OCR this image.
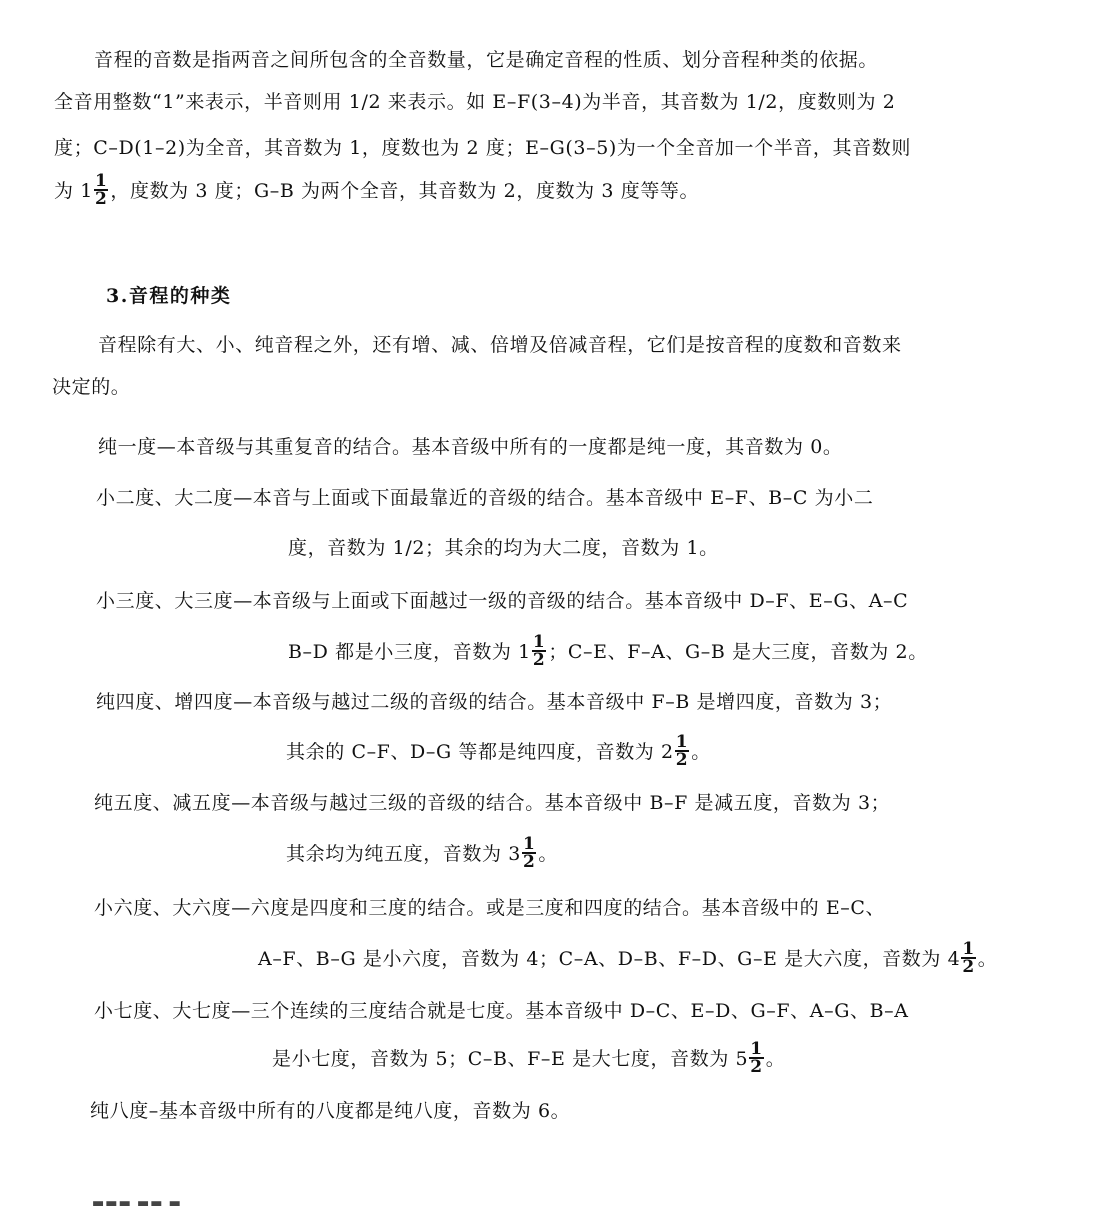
音程的音数是指两音之间所包含的全音数量，它是确定音程的性质、划分音程种类的依据。
全音用整数“1”来表示，半音则用 1/2 来表示。如 E–F(3–4)为半音，其音数为 1/2，度数则为 2
度；C–D(1–2)为全音，其音数为 1，度数也为 2 度；E–G(3–5)为一个全音加一个半音，其音数则
为 $1 \frac{1}{2}$ ，度数为 3 度；G–B 为两个全音，其音数为 2，度数为 3 度等等。
3.音程的种类
音程除有大、小、纯音程之外，还有增、减、倍增及倍减音程，它们是按音程的度数和音数来
决定的。
纯一度—本音级与其重复音的结合。基本音级中所有的一度都是纯一度，其音数为 0。
小二度、大二度—本音与上面或下面最靠近的音级的结合。基本音级中 E–F、B–C 为小二
度，音数为 1/2；其余的均为大二度，音数为 1。
小三度、大三度—本音级与上面或下面越过一级的音级的结合。基本音级中 D–F、E–G、A–C
B–D 都是小三度，音数为 $1 \frac{1}{2}$ ；C–E、F–A、G–B 是大三度，音数为 2。
纯四度、增四度—本音级与越过二级的音级的结合。基本音级中 F–B 是增四度，音数为 3；
其余的 C–F、D–G 等都是纯四度，音数为 $2 \frac{1}{2}$ 。
纯五度、减五度—本音级与越过三级的音级的结合。基本音级中 B–F 是减五度，音数为 3；
其余均为纯五度，音数为 $3 \frac{1}{2}$ 。
小六度、大六度—六度是四度和三度的结合。或是三度和四度的结合。基本音级中的 E–C、
A–F、B–G 是小六度，音数为 4；C–A、D–B、F–D、G–E 是大六度，音数为 $4 \frac{1}{2}$ 。
小七度、大七度—三个连续的三度结合就是七度。基本音级中 D–C、E–D、G–F、A–G、B–A
是小七度，音数为 5；C–B、F–E 是大七度，音数为 $5 \frac{1}{2}$ 。
纯八度–基本音级中所有的八度都是纯八度，音数为 6。
▬▬▬ ▬▬ ▬
